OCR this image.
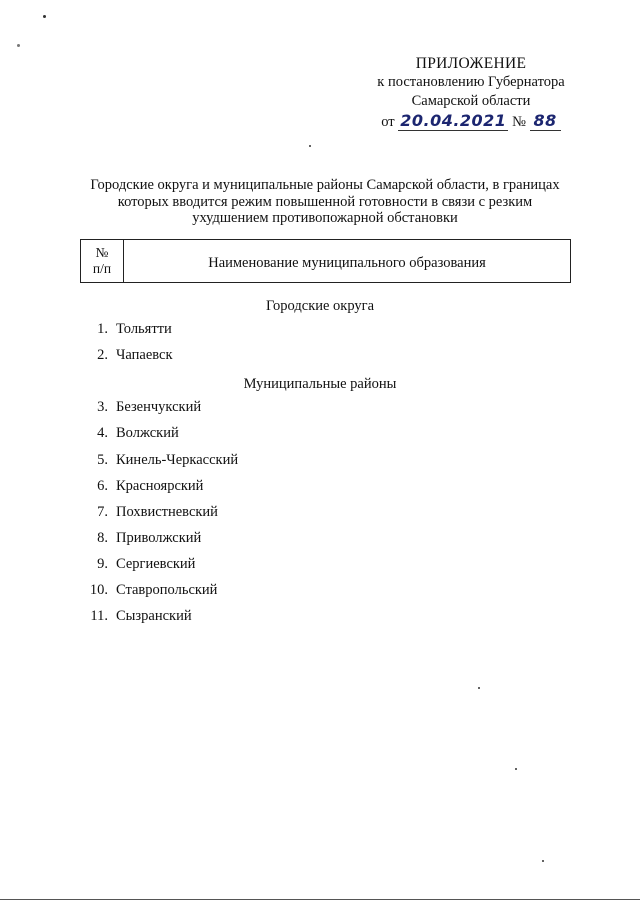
ПРИЛОЖЕНИЕ
к постановлению Губернатора
Самарской области
от 20.04.2021 № 88
Городские округа и муниципальные районы Самарской области, в границах которых вводится режим повышенной готовности в связи с резким ухудшением противопожарной обстановки
№
п/п	Наименование муниципального образования
Городские округа
Муниципальные районы
1. Тольятти
2. Чапаевск
3. Безенчукский
4. Волжский
5. Кинель-Черкасский
6. Красноярский
7. Похвистневский
8. Приволжский
9. Сергиевский
10. Ставропольский
11. Сызранский
